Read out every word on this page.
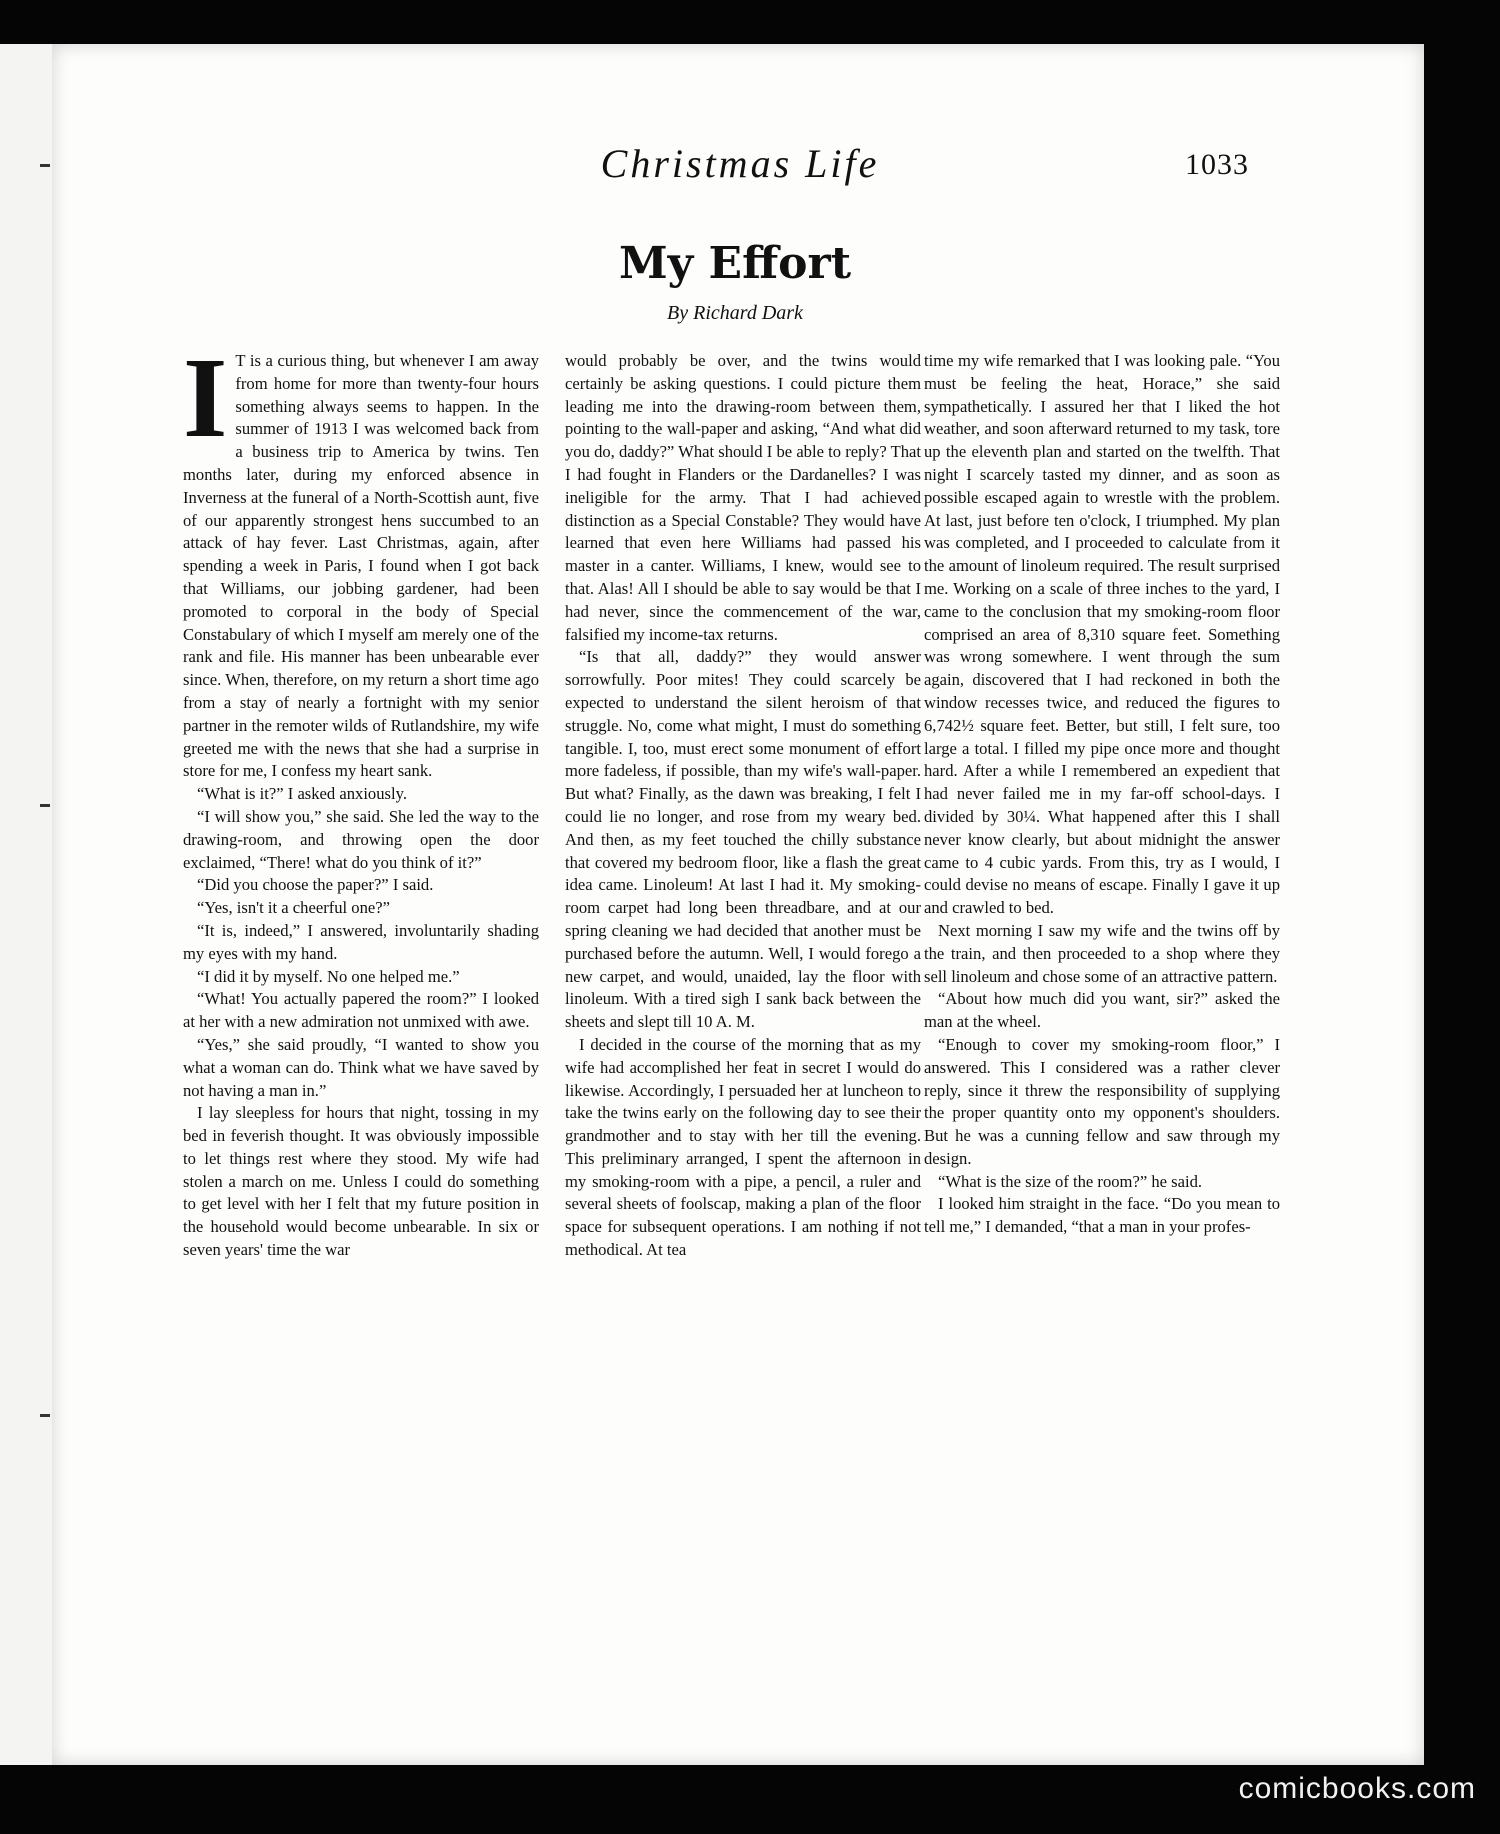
Christmas Life	1033
My Effort
By Richard Dark
I T is a curious thing, but whenever I am away from home for more than twenty-four hours something always seems to happen. In the summer of 1913 I was welcomed back from a business trip to America by twins. Ten months later, during my enforced absence in Inverness at the funeral of a North-Scottish aunt, five of our apparently strongest hens succumbed to an attack of hay fever. Last Christmas, again, after spending a week in Paris, I found when I got back that Williams, our jobbing gardener, had been promoted to corporal in the body of Special Constabulary of which I myself am merely one of the rank and file. His manner has been unbearable ever since. When, therefore, on my return a short time ago from a stay of nearly a fortnight with my senior partner in the remoter wilds of Rutlandshire, my wife greeted me with the news that she had a surprise in store for me, I confess my heart sank.

“What is it?” I asked anxiously.

“I will show you,” she said. She led the way to the drawing-room, and throwing open the door exclaimed, “There! what do you think of it?”

“Did you choose the paper?” I said.

“Yes, isn't it a cheerful one?”

“It is, indeed,” I answered, involuntarily shading my eyes with my hand.

“I did it by myself. No one helped me.”

“What! You actually papered the room?” I looked at her with a new admiration not unmixed with awe.

“Yes,” she said proudly, “I wanted to show you what a woman can do. Think what we have saved by not having a man in.”

I lay sleepless for hours that night, tossing in my bed in feverish thought. It was obviously impossible to let things rest where they stood. My wife had stolen a march on me. Unless I could do something to get level with her I felt that my future position in the household would become unbearable. In six or seven years' time the war

would probably be over, and the twins would certainly be asking questions. I could picture them leading me into the drawing-room between them, pointing to the wall-paper and asking, “And what did you do, daddy?” What should I be able to reply? That I had fought in Flanders or the Dardanelles? I was ineligible for the army. That I had achieved distinction as a Special Constable? They would have learned that even here Williams had passed his master in a canter. Williams, I knew, would see to that. Alas! All I should be able to say would be that I had never, since the commencement of the war, falsified my income-tax returns.

“Is that all, daddy?” they would answer sorrowfully. Poor mites! They could scarcely be expected to understand the silent heroism of that struggle. No, come what might, I must do something tangible. I, too, must erect some monument of effort more fadeless, if possible, than my wife's wall-paper. But what? Finally, as the dawn was breaking, I felt I could lie no longer, and rose from my weary bed. And then, as my feet touched the chilly substance that covered my bedroom floor, like a flash the great idea came. Linoleum! At last I had it. My smoking-room carpet had long been threadbare, and at our spring cleaning we had decided that another must be purchased before the autumn. Well, I would forego a new carpet, and would, unaided, lay the floor with linoleum. With a tired sigh I sank back between the sheets and slept till 10 A. M.

I decided in the course of the morning that as my wife had accomplished her feat in secret I would do likewise. Accordingly, I persuaded her at luncheon to take the twins early on the following day to see their grandmother and to stay with her till the evening. This preliminary arranged, I spent the afternoon in my smoking-room with a pipe, a pencil, a ruler and several sheets of foolscap, making a plan of the floor space for subsequent operations. I am nothing if not methodical. At tea

time my wife remarked that I was looking pale. “You must be feeling the heat, Horace,” she said sympathetically. I assured her that I liked the hot weather, and soon afterward returned to my task, tore up the eleventh plan and started on the twelfth. That night I scarcely tasted my dinner, and as soon as possible escaped again to wrestle with the problem. At last, just before ten o'clock, I triumphed. My plan was completed, and I proceeded to calculate from it the amount of linoleum required. The result surprised me. Working on a scale of three inches to the yard, I came to the conclusion that my smoking-room floor comprised an area of 8,310 square feet. Something was wrong somewhere. I went through the sum again, discovered that I had reckoned in both the window recesses twice, and reduced the figures to 6,742½ square feet. Better, but still, I felt sure, too large a total. I filled my pipe once more and thought hard. After a while I remembered an expedient that had never failed me in my far-off school-days. I divided by 30¼. What happened after this I shall never know clearly, but about midnight the answer came to 4 cubic yards. From this, try as I would, I could devise no means of escape. Finally I gave it up and crawled to bed.

Next morning I saw my wife and the twins off by the train, and then proceeded to a shop where they sell linoleum and chose some of an attractive pattern.

“About how much did you want, sir?” asked the man at the wheel.

“Enough to cover my smoking-room floor,” I answered. This I considered was a rather clever reply, since it threw the responsibility of supplying the proper quantity onto my opponent's shoulders. But he was a cunning fellow and saw through my design.

“What is the size of the room?” he said.

I looked him straight in the face. “Do you mean to tell me,” I demanded, “that a man in your profes-

comicbooks.com
